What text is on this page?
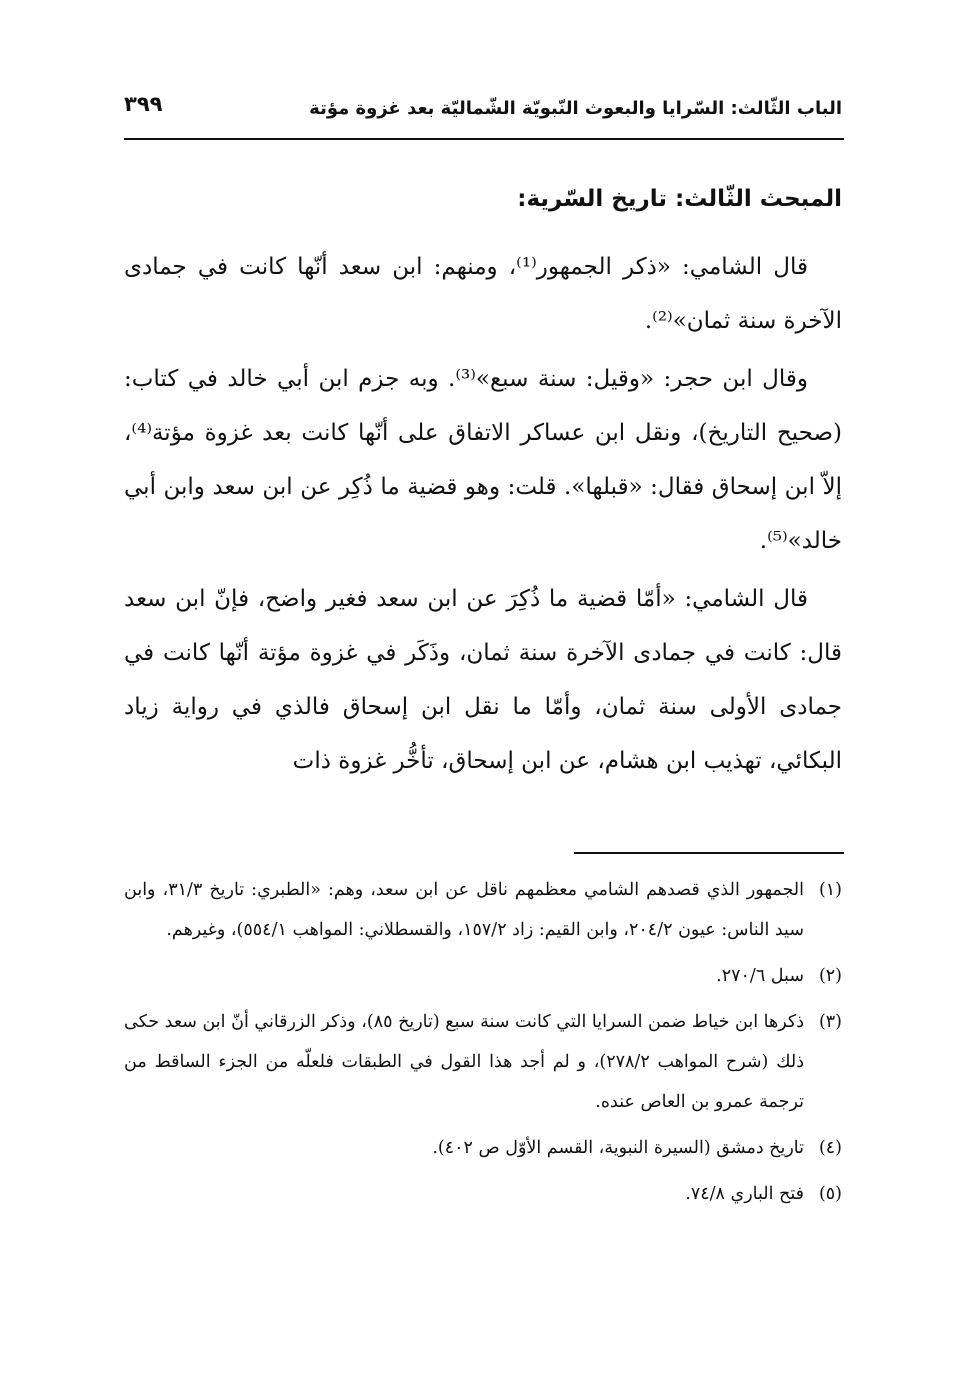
الباب الثّالث: السّرايا والبعوث النّبويّة الشّماليّة بعد غزوة مؤتة
٣٩٩
المبحث الثّالث: تاريخ السّرية:

قال الشامي: «ذكر الجمهور⁽¹⁾، ومنهم: ابن سعد أنّها كانت في جمادى الآخرة سنة ثمان»⁽²⁾.

وقال ابن حجر: «وقيل: سنة سبع»⁽³⁾. وبه جزم ابن أبي خالد في كتاب: (صحيح التاريخ)، ونقل ابن عساكر الاتفاق على أنّها كانت بعد غزوة مؤتة⁽⁴⁾، إلاّ ابن إسحاق فقال: «قبلها». قلت: وهو قضية ما ذُكِر عن ابن سعد وابن أبي خالد»⁽⁵⁾.

قال الشامي: «أمّا قضية ما ذُكِرَ عن ابن سعد فغير واضح، فإنّ ابن سعد قال: كانت في جمادى الآخرة سنة ثمان، وذَكَر في غزوة مؤتة أنّها كانت في جمادى الأولى سنة ثمان، وأمّا ما نقل ابن إسحاق فالذي في رواية زياد البكائي، تهذيب ابن هشام، عن ابن إسحاق، تأخُّر غزوة ذات

(١)
الجمهور الذي قصدهم الشامي معظمهم ناقل عن ابن سعد، وهم: «الطبري: تاريخ ٣١/٣، وابن سيد الناس: عيون ٢٠٤/٢، وابن القيم: زاد ١٥٧/٢، والقسطلاني: المواهب ٥٥٤/١)، وغيرهم.
(٢)
سبل ٢٧٠/٦.
(٣)
ذكرها ابن خياط ضمن السرايا التي كانت سنة سبع (تاريخ ٨٥)، وذكر الزرقاني أنّ ابن سعد حكى ذلك (شرح المواهب ٢٧٨/٢)، و لم أجد هذا القول في الطبقات فلعلّه من الجزء الساقط من ترجمة عمرو بن العاص عنده.
(٤)
تاريخ دمشق (السيرة النبوية، القسم الأوّل ص ٤٠٢).
(٥)
فتح الباري ٧٤/٨.
